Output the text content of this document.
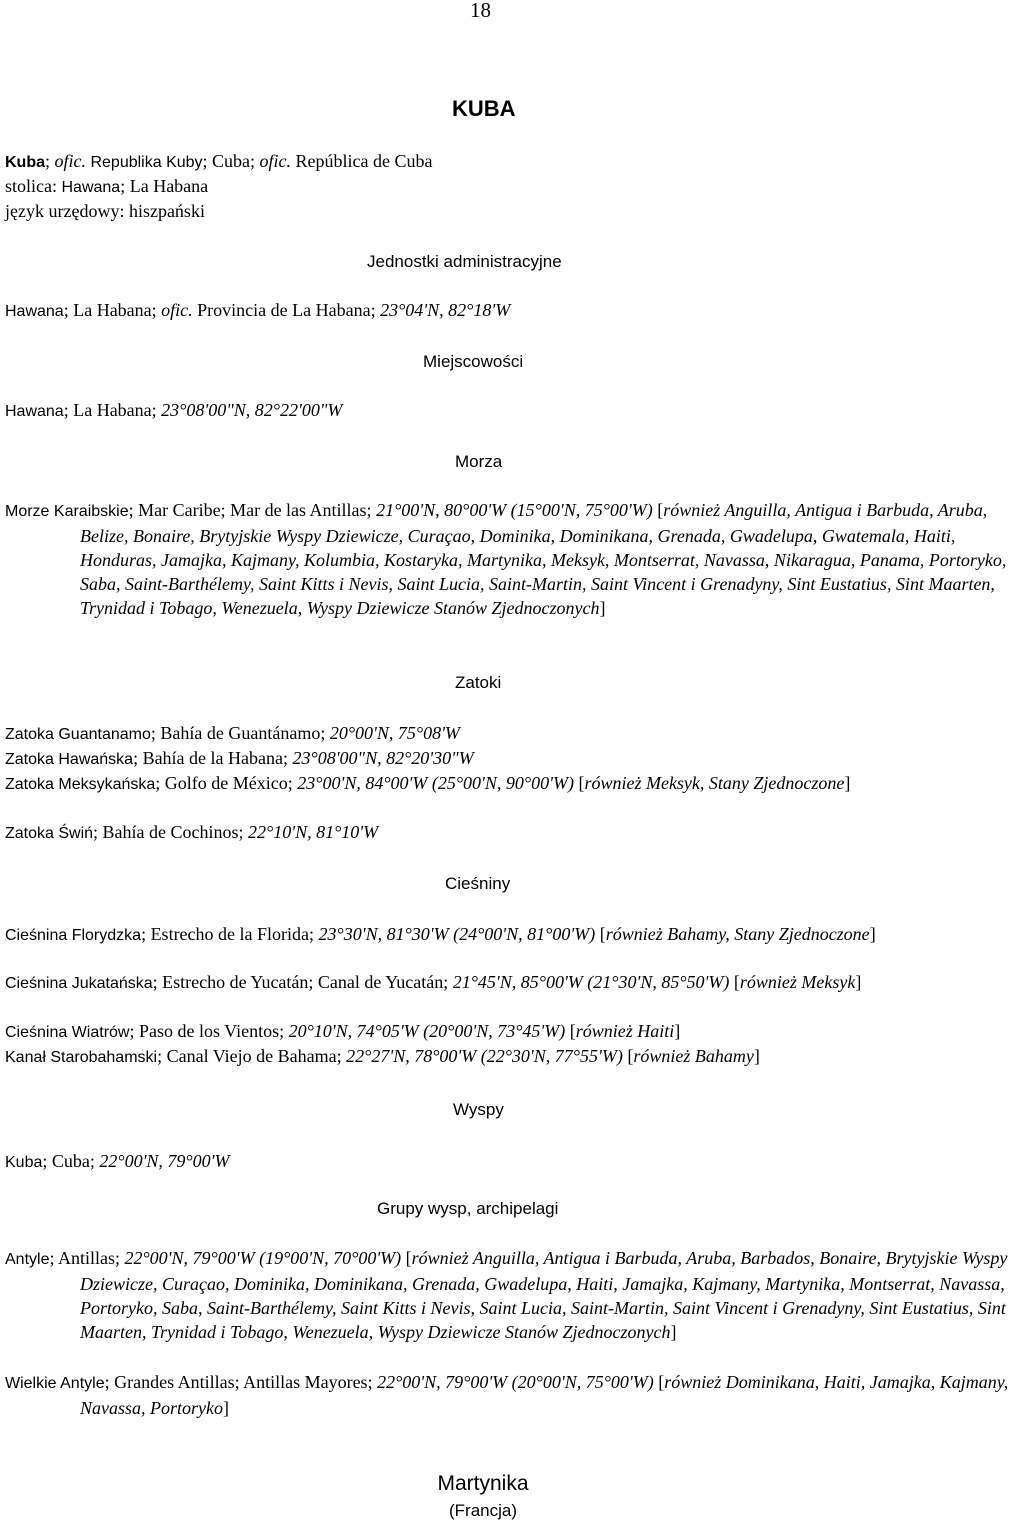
18
KUBA
Kuba; ofic. Republika Kuby; Cuba; ofic. República de Cuba
stolica: Hawana; La Habana
język urzędowy: hiszpański
Jednostki administracyjne
Hawana; La Habana; ofic. Provincia de La Habana; 23°04'N, 82°18'W
Miejscowości
Hawana; La Habana; 23°08'00"N, 82°22'00"W
Morza
Morze Karaibskie; Mar Caribe; Mar de las Antillas; 21°00'N, 80°00'W (15°00'N, 75°00'W) [również Anguilla, Antigua i Barbuda, Aruba, Belize, Bonaire, Brytyjskie Wyspy Dziewicze, Curaçao, Dominika, Dominikana, Grenada, Gwadelupa, Gwatemala, Haiti, Honduras, Jamajka, Kajmany, Kolumbia, Kostaryka, Martynika, Meksyk, Montserrat, Navassa, Nikaragua, Panama, Portoryko, Saba, Saint-Barthélemy, Saint Kitts i Nevis, Saint Lucia, Saint-Martin, Saint Vincent i Grenadyny, Sint Eustatius, Sint Maarten, Trynidad i Tobago, Wenezuela, Wyspy Dziewicze Stanów Zjednoczonych]
Zatoki
Zatoka Guantanamo; Bahía de Guantánamo; 20°00'N, 75°08'W
Zatoka Hawańska; Bahía de la Habana; 23°08'00"N, 82°20'30"W
Zatoka Meksykańska; Golfo de México; 23°00'N, 84°00'W (25°00'N, 90°00'W) [również Meksyk, Stany Zjednoczone]
Zatoka Świń; Bahía de Cochinos; 22°10'N, 81°10'W
Cieśniny
Cieśnina Florydzka; Estrecho de la Florida; 23°30'N, 81°30'W (24°00'N, 81°00'W) [również Bahamy, Stany Zjednoczone]
Cieśnina Jukatańska; Estrecho de Yucatán; Canal de Yucatán; 21°45'N, 85°00'W (21°30'N, 85°50'W) [również Meksyk]
Cieśnina Wiatrów; Paso de los Vientos; 20°10'N, 74°05'W (20°00'N, 73°45'W) [również Haiti]
Kanał Starobahamski; Canal Viejo de Bahama; 22°27'N, 78°00'W (22°30'N, 77°55'W) [również Bahamy]
Wyspy
Kuba; Cuba; 22°00'N, 79°00'W
Grupy wysp, archipelagi
Antyle; Antillas; 22°00'N, 79°00'W (19°00'N, 70°00'W) [również Anguilla, Antigua i Barbuda, Aruba, Barbados, Bonaire, Brytyjskie Wyspy Dziewicze, Curaçao, Dominika, Dominikana, Grenada, Gwadelupa, Haiti, Jamajka, Kajmany, Martynika, Montserrat, Navassa, Portoryko, Saba, Saint-Barthélemy, Saint Kitts i Nevis, Saint Lucia, Saint-Martin, Saint Vincent i Grenadyny, Sint Eustatius, Sint Maarten, Trynidad i Tobago, Wenezuela, Wyspy Dziewicze Stanów Zjednoczonych]
Wielkie Antyle; Grandes Antillas; Antillas Mayores; 22°00'N, 79°00'W (20°00'N, 75°00'W) [również Dominikana, Haiti, Jamajka, Kajmany, Navassa, Portoryko]
Martynika
(Francja)
